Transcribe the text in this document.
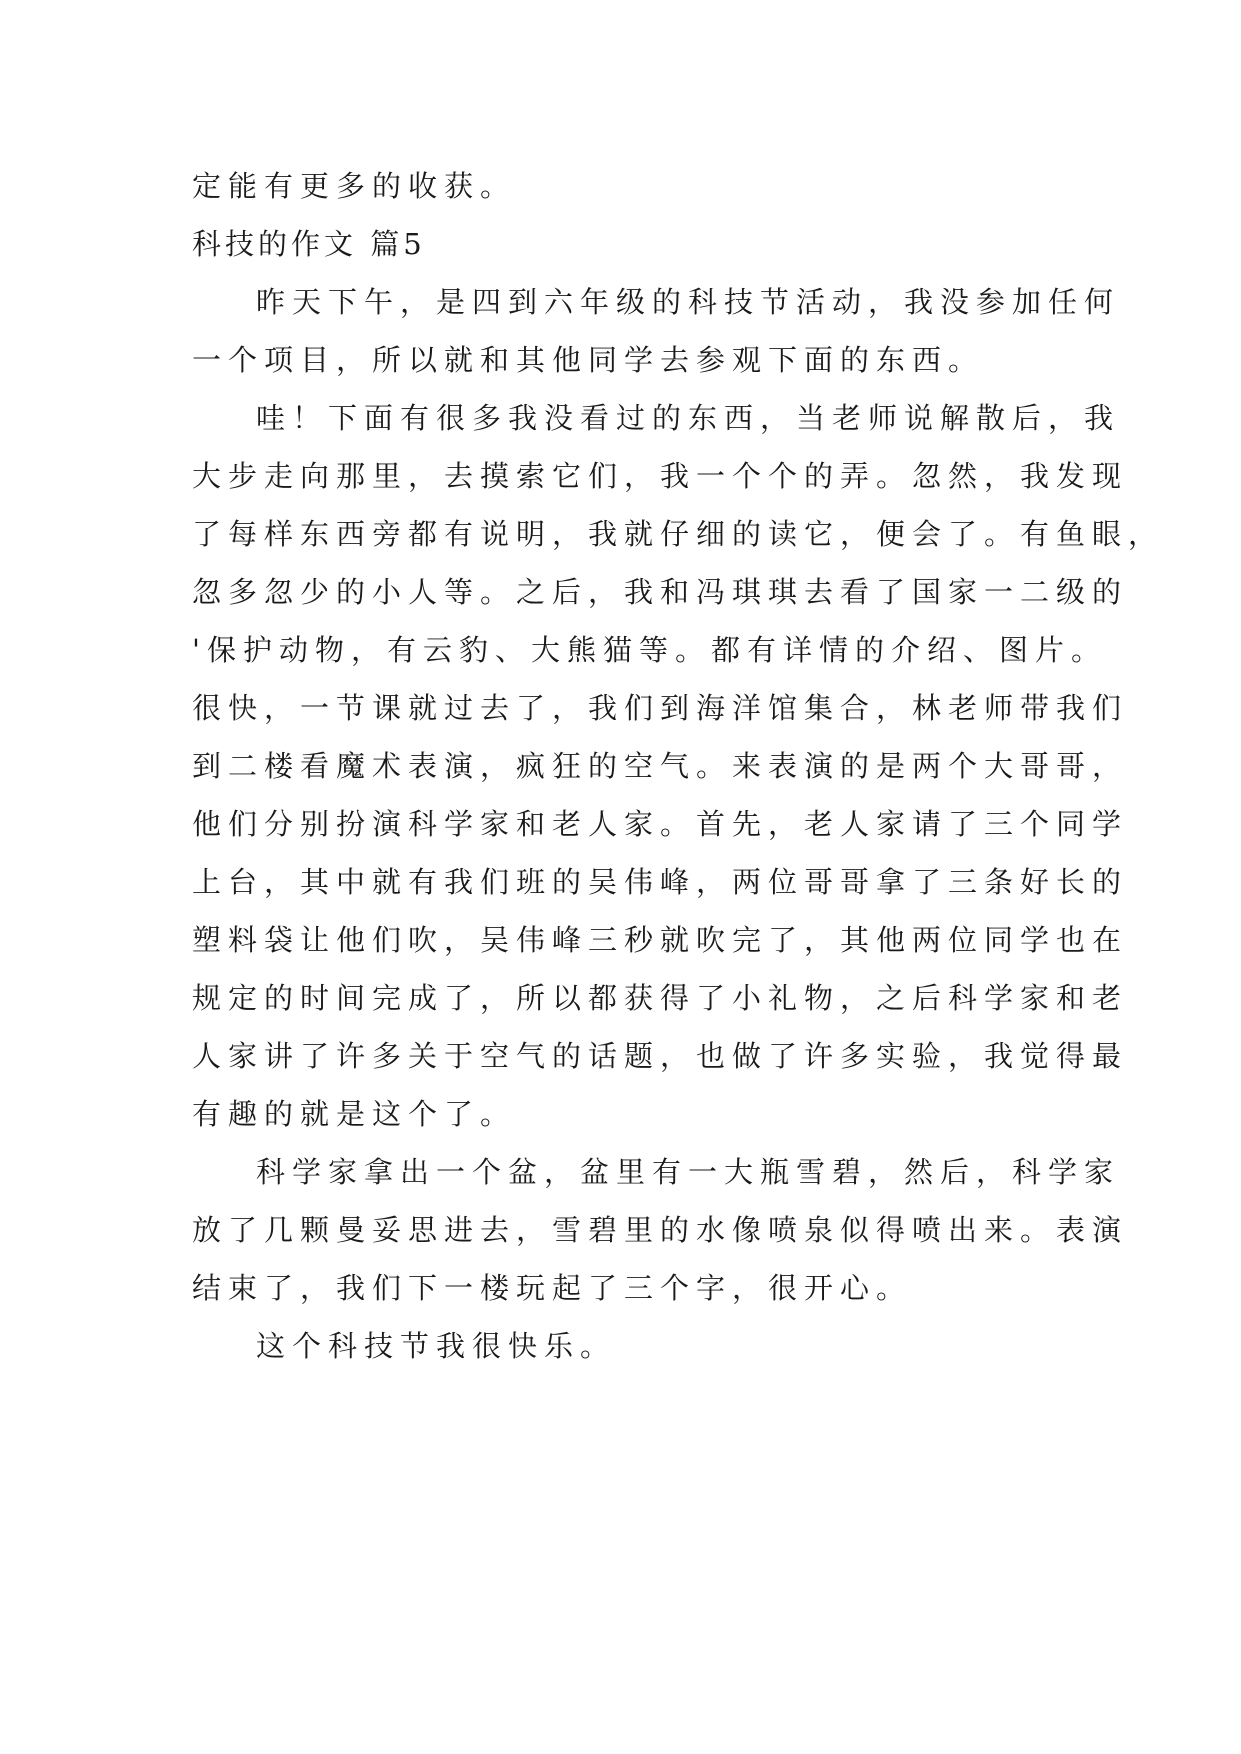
定能有更多的收获。
科技的作文 篇5
昨天下午，是四到六年级的科技节活动，我没参加任何
一个项目，所以就和其他同学去参观下面的东西。
哇！下面有很多我没看过的东西，当老师说解散后，我
大步走向那里，去摸索它们，我一个个的弄。忽然，我发现
了每样东西旁都有说明，我就仔细的读它，便会了。有鱼眼，
忽多忽少的小人等。之后，我和冯琪琪去看了国家一二级的
'保护动物，有云豹、大熊猫等。都有详情的介绍、图片。
很快，一节课就过去了，我们到海洋馆集合，林老师带我们
到二楼看魔术表演，疯狂的空气。来表演的是两个大哥哥，
他们分别扮演科学家和老人家。首先，老人家请了三个同学
上台，其中就有我们班的吴伟峰，两位哥哥拿了三条好长的
塑料袋让他们吹，吴伟峰三秒就吹完了，其他两位同学也在
规定的时间完成了，所以都获得了小礼物，之后科学家和老
人家讲了许多关于空气的话题，也做了许多实验，我觉得最
有趣的就是这个了。
科学家拿出一个盆，盆里有一大瓶雪碧，然后，科学家
放了几颗曼妥思进去，雪碧里的水像喷泉似得喷出来。表演
结束了，我们下一楼玩起了三个字，很开心。
这个科技节我很快乐。
